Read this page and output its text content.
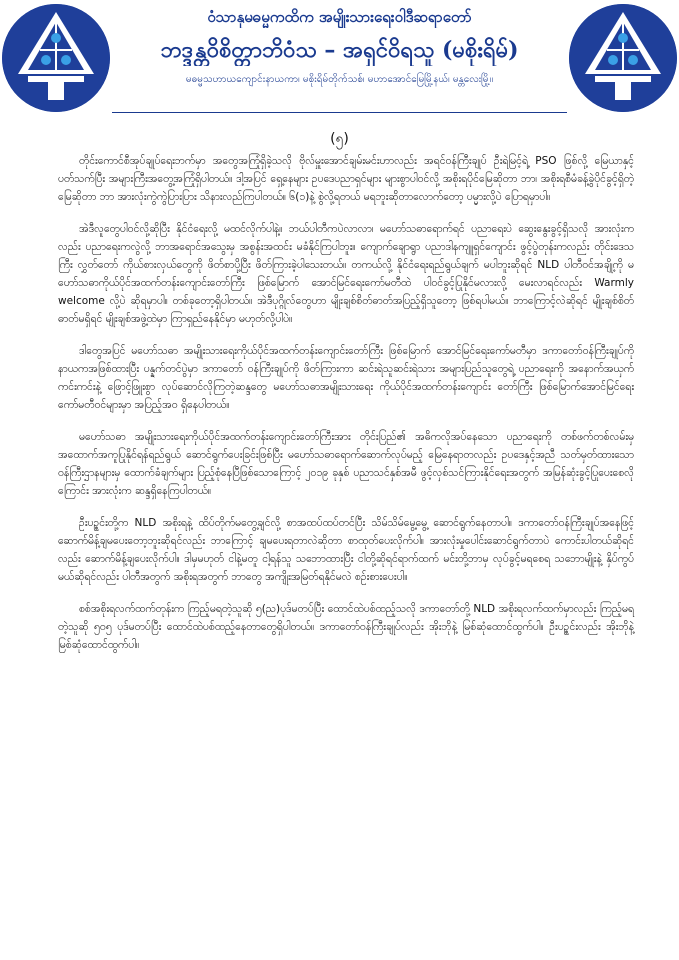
ဝံသာနုမဓမ္မကထိက အမျိုးသားရေးဝါဒီဆရာတော်
ဘဒ္ဒန္တဝိစိတ္တာဘိဝံသ – အရှင်ဝိရသူ (မစိုးရိမ်)
မဓမ္မသဟာယကျောင်းနာယကာ၊ မစိုးရိမ်တိုက်သစ်၊ မဟာအောင်မြေမြို့နယ်၊ မန္တလေးမြို့။
(၅)

တိုင်းကောင်စီအုပ်ချုပ်ရေးဘက်မှာ အတွေအကြုံရှိခဲ့သလို ဗိုလ်မှူးအောင်ချမ်းမင်းဟာလည်း အရင်ဝန်ကြီးချုပ် ဦးရဲမြင့်ရဲ့ PSO ဖြစ်လို့ မြေယာနှင့်ပတ်သက်ပြီး အများကြီးအတွေ့အကြုံရှိပါတယ်။ ဒါ့အပြင် ရှေ့နေများ ဥပဒေပညာရှင်များ များစွာပါဝင်လို့ အစိုးရပိုင်မြေဆိုတာ ဘာ၊ အစိုးရစီမံခန့်ခွဲပိုင်ခွင့်ရှိတဲ့မြေဆိုတာ ဘာ အားလုံးကွဲကွဲပြားပြား သိနားလည်ကြပါတယ်။ ၆(၁)နဲ့ စွဲလို့ရတယ် မရဘူးဆိုတာလောက်တော့ ပမ္မားလို့ပဲ ပြောရမှာပါ။

အဲဒီလူတွေပါဝင်လို့ဆိုပြီး နိုင်ငံရေးလို့ မထင်လိုက်ပါနဲ့။ ဘယ်ပါတီကပဲလာလာ၊ မဟော်သဓာရောက်ရင် ပညာရေးပဲ ဆွေးနွေးခွင့်ရှိသလို အားလုံးကလည်း ပညာရေးကလွဲလို့ ဘာအရောင်အသွေးမှ အစွန်းအထင်း မခံနိုင်ကြပါဘူး။ ကျောက်ချောရွာ ပညာဒါနကျူရှင်ကျောင်း ဖွင့်ပွဲတုန်းကလည်း တိုင်းဒေသကြီး လွှတ်တော် ကိုယ်စားလှယ်တွေကို ဖိတ်စာပို့ပြီး ဖိတ်ကြားခဲ့ပါသေးတယ်။ တကယ်လို့ နိုင်ငံရေးရည်ရွယ်ချက် မပါဘူးဆိုရင် NLD ပါတီဝင်အချို့ကို မဟော်သဓာကိုယ်ပိုင်အထက်တန်းကျောင်းတော်ကြီး ဖြစ်မြောက် အောင်မြင်ရေးကော်မတီထဲ ပါဝင်ခွင့်ပြုနိုင်မလားလို့ မေးလာရင်လည်း Warmly welcome လို့ပဲ ဆိုရမှာပါ။ တစ်ခုတော့ရှိပါတယ်။ အဲဒီပုဂ္ဂိုလ်တွေဟာ မျိုးချစ်စိတ်ဓာတ်အပြည့်ရှိသူတော့ ဖြစ်ရပါမယ်။ ဘာကြောင့်လဲဆိုရင် မျိုးချစ်စိတ်ဓာတ်မရှိရင် မျိုးချစ်အဖွဲ့ထဲမှာ ကြာရှည်နေနိုင်မှာ မဟုတ်လို့ပါပဲ။

ဒါတွေအပြင် မဟော်သဓာ အမျိုးသားရေးကိုယ်ပိုင်အထက်တန်းကျောင်းတော်ကြီး ဖြစ်မြောက် အောင်မြင်ရေးကော်မတီမှာ ဒကာတော်ဝန်ကြီးချုပ်ကို နာယကအဖြစ်ထားပြီး ပန္နက်တင်ပွဲမှာ ဒကာတော် ဝန်ကြီးချုပ်ကို ဖိတ်ကြားကာ ဆင်းရဲသူဆင်းရဲသား အများပြည်သူတွေရဲ့ ပညာရေးကို အနောက်အယှက် ကင်းကင်းနဲ့ ဖြောင့်ဖြူးစွာ လုပ်ဆောင်လိုကြတဲ့ဆန္ဒတွေ မဟော်သဓာအမျိုးသားရေး ကိုယ်ပိုင်အထက်တန်းကျောင်း တော်ကြီး ဖြစ်မြောက်အောင်မြင်ရေးကော်မတီဝင်များမှာ အပြည့်အဝ ရှိနေပါတယ်။

မဟော်သဓာ အမျိုးသားရေးကိုယ်ပိုင်အထက်တန်းကျောင်းတော်ကြီးအား တိုင်းပြည်၏ အဓိကလိုအပ်နေသော ပညာရေးကို တစ်ဖက်တစ်လမ်းမှ အထောက်အကူပြုနိုင်ရန်ရည်ရွယ် ဆောင်ရွက်ပေးခြင်းဖြစ်ပြီး မဟော်သဓာရောက်ဆောက်လုပ်မည့် မြေနေရာတလည်း ဥပဒေနှင့်အညီ သတ်မှတ်ထားသော ဝန်ကြီးဌာနများမှ ထောက်ခံချက်များ ပြည့်စုံနေပြီဖြစ်သောကြောင့် ၂၀၁၉ ခုနှစ် ပညာသင်နှစ်အမီ ဖွင့်လှစ်သင်ကြားနိုင်ရေးအတွက် အမြန်ဆုံးခွင့်ပြုပေးစေလိုကြောင်း အားလုံးက ဆန္ဒရှိနေကြပါတယ်။

ဦးပဥ္စင်းတို့က NLD အစိုးရနဲ့ ထိပ်တိုက်မတွေ့ချင်လို့ စာအထပ်ထပ်တင်ပြီး သိမ်သိမ်မွေ့မွေ့ ဆောင်ရွက်နေတာပါ။ ဒကာတော်ဝန်ကြီးချုပ်အနေဖြင့် ဆောက်မိန့်ချမပေးတော့ဘူးဆိုရင်လည်း ဘာကြောင့် ချမပေးရတာလဲဆိုတာ စာထုတ်ပေးလိုက်ပါ။ အားလုံးမှုပေါင်းဆောင်ရွက်တာပဲ ကောင်းပါတယ်ဆိုရင်လည်း ဆောက်မိန့်ချပေးလိုက်ပါ။ ဒါမှမဟုတ် ငါနဲ့မတူ ငါ့ရန်သူ သဘောထားပြီး ငါတို့ဆိုရင်ရာက်ထက် မင်းတို့ဘာမှ လုပ်ခွင့်မရစေရ သဘောမျိုးနဲ့ နှိပ်ကွပ်မယ်ဆိုရင်လည်း ပါတီအတွက် အစိုးရအတွက် ဘာတွေ အကျိုးအမြတ်ရနိုင်မလဲ စဉ်းစားပေးပါ။

စစ်အစိုးရလက်ထက်တုန်းက ကြည့်မရတဲ့သူဆို ၅(ည)ပုဒ်မတပ်ပြီး ထောင်ထဲပစ်ထည့်သလို ဒကာတော်တို့ NLD အစိုးရလက်ထက်မှာလည်း ကြည့်မရတဲ့သူဆို ၅၀၅ ပုဒ်မတပ်ပြီး ထောင်ထဲပစ်ထည့်နေတာတွေရှိပါတယ်။ ဒကာတော်ဝန်ကြီးချုပ်လည်း အိုးဘိုနဲ့ မြစ်ဆုံထောင်ထွက်ပါ။ ဦးပဥ္စင်းလည်း အိုးဘိုနဲ့ မြစ်ဆုံထောင်ထွက်ပါ။
